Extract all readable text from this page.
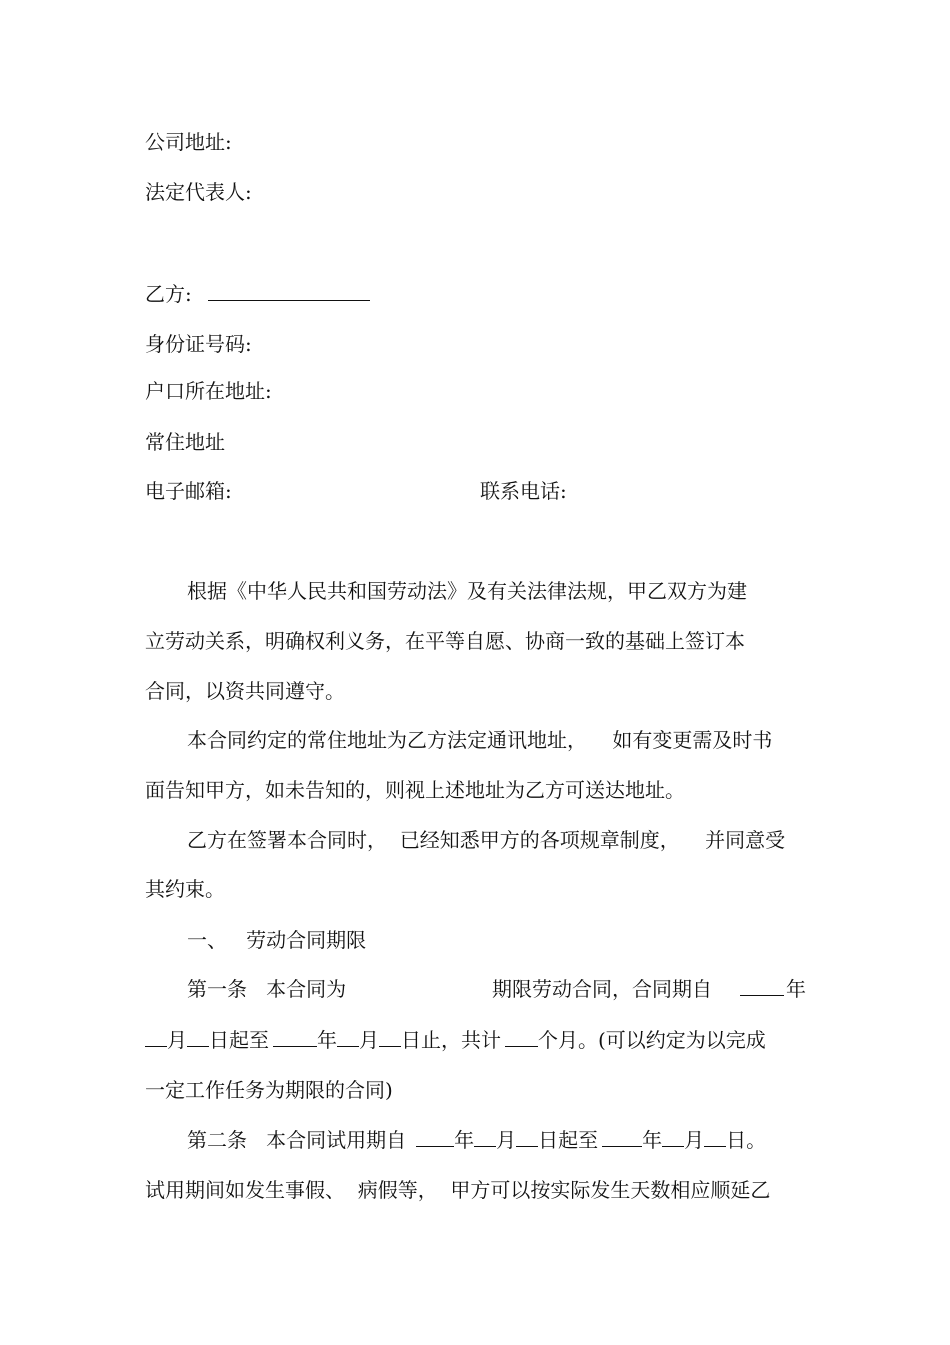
公司地址:
法定代表人:
乙方:
身份证号码:
户口所在地址:
常住地址
电子邮箱:	联系电话:
根据《中华人民共和国劳动法》及有关法律法规，甲乙双方为建
立劳动关系，明确权利义务，在平等自愿、协商一致的基础上签订本
合同，以资共同遵守。
本合同约定的常住地址为乙方法定通讯地址，    如有变更需及时书
面告知甲方，如未告知的，则视上述地址为乙方可送达地址。
乙方在签署本合同时，  已经知悉甲方的各项规章制度，    并同意受
其约束。
一、   劳动合同期限
第一条   本合同为	期限劳动合同，合同期自	年
月 日起至 年 月 日止，共计 个月。(可以约定为以完成
一定工作任务为期限的合同)
第二条   本合同试用期自 年 月 日起至 年 月 日。
试用期间如发生事假、  病假等，  甲方可以按实际发生天数相应顺延乙
